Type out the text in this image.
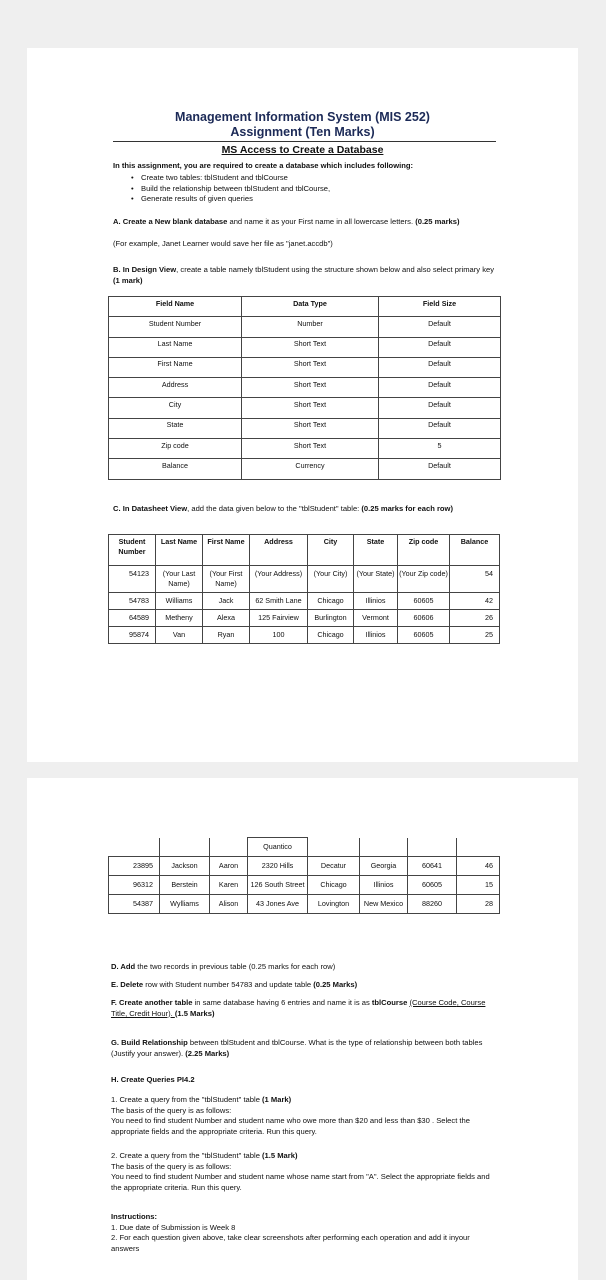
Management Information System (MIS 252)
Assignment (Ten Marks)
MS Access to Create a Database
In this assignment, you are required to create a database which includes following:
• Create two tables: tblStudent and tblCourse
• Build the relationship between tblStudent and tblCourse,
• Generate results of given queries
A. Create a New blank database and name it as your First name in all lowercase letters. (0.25 marks)
(For example, Janet Learner would save her file as "janet.accdb")
B. In Design View, create a table namely tblStudent using the structure shown below and also select primary key (1 mark)
Field Name	Data Type	Field Size
Student Number	Number	Default
Last Name	Short Text	Default
First Name	Short Text	Default
Address	Short Text	Default
City	Short Text	Default
State	Short Text	Default
Zip code	Short Text	5
Balance	Currency	Default
C. In Datasheet View, add the data given below to the "tblStudent" table: (0.25 marks for each row)
Student Number	Last Name	First Name	Address	City	State	Zip code	Balance
54123	(Your Last Name)	(Your First Name)	(Your Address)	(Your City)	(Your State)	(Your Zip code)	54
54783	Williams	Jack	62 Smith Lane	Chicago	Illinios	60605	42
64589	Metheny	Alexa	125 Fairview	Burlington	Vermont	60606	26
95874	Van	Ryan	100	Chicago	Illinios	60605	25
			Quantico				
23895	Jackson	Aaron	2320 Hills	Decatur	Georgia	60641	46
96312	Berstein	Karen	126 South Street	Chicago	Illinios	60605	15
54387	Wylliams	Alison	43 Jones Ave	Lovington	New Mexico	88260	28
D. Add the two records in previous table (0.25 marks for each row)
E. Delete row with Student number 54783 and update table (0.25 Marks)
F. Create another table in same database having 6 entries and name it is as tblCourse (Course Code, Course Title, Credit Hour). (1.5 Marks)
G. Build Relationship between tblStudent and tblCourse. What is the type of relationship between both tables (Justify your answer). (2.25 Marks)
H. Create Queries PI4.2
1. Create a query from the "tblStudent" table (1 Mark)
The basis of the query is as follows:
You need to find student Number and student name who owe more than $20 and less than $30 . Select the appropriate fields and the appropriate criteria. Run this query.
2. Create a query from the "tblStudent" table (1.5 Mark)
The basis of the query is as follows:
You need to find student Number and student name whose name start from "A". Select the appropriate fields and the appropriate criteria. Run this query.
Instructions:
1. Due date of Submission is Week 8
2. For each question given above, take clear screenshots after performing each operation and add it inyour answers
